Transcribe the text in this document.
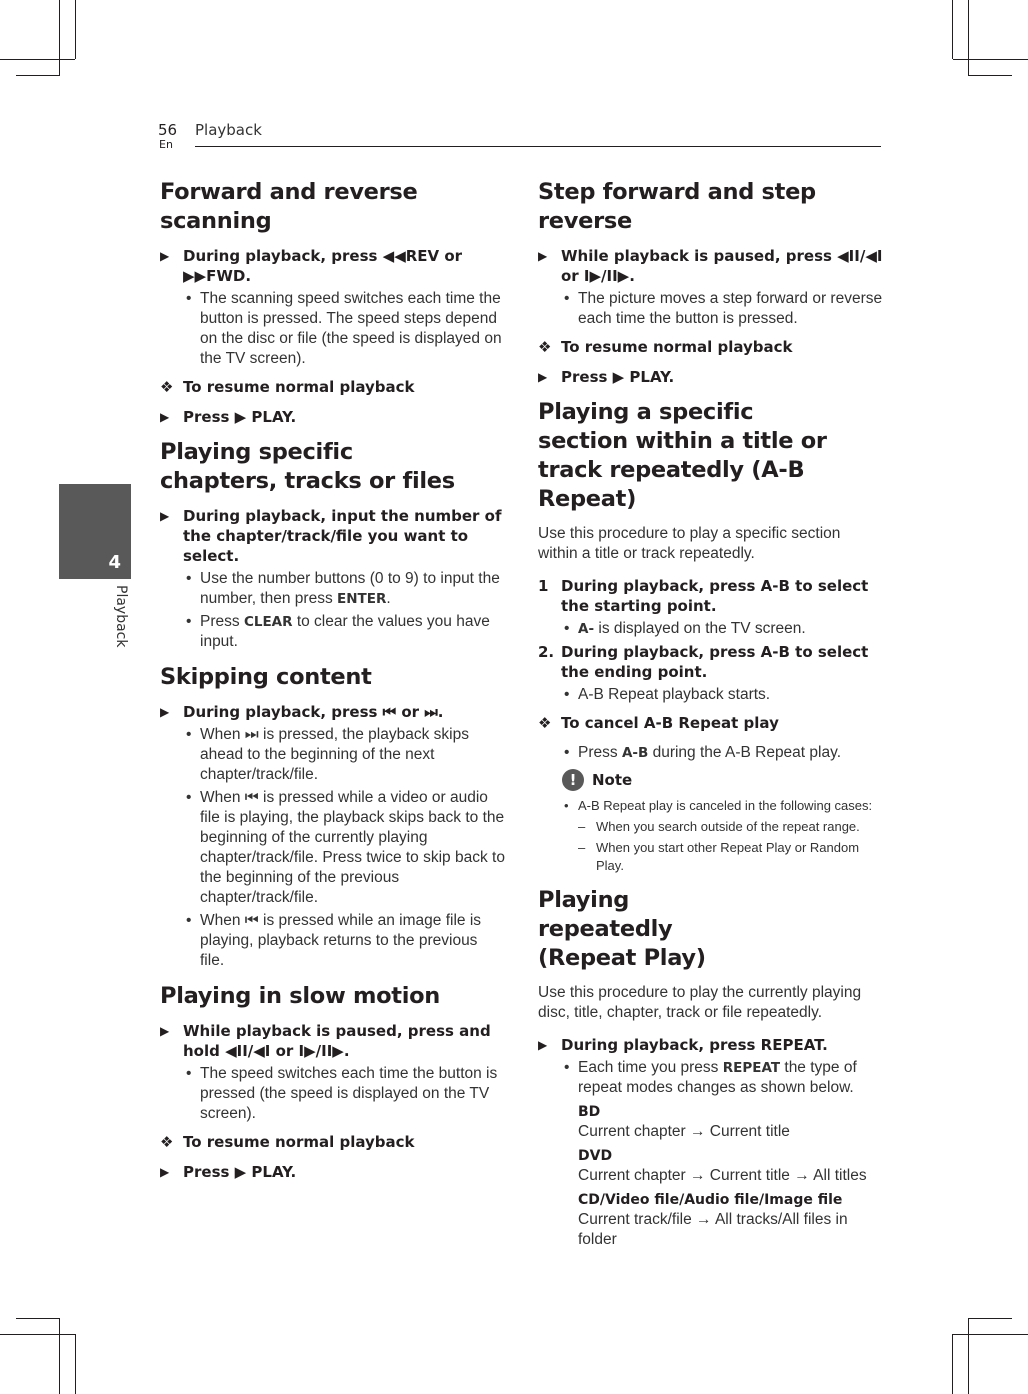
56
En
Playback
4
Playback
Forward and reverse scanning
▶ During playback, press ◀◀REV or ▶▶FWD.
• The scanning speed switches each time the button is pressed. The speed steps depend on the disc or file (the speed is displayed on the TV screen).
❖ To resume normal playback
▶ Press ▶ PLAY.
Playing specific chapters, tracks or files
▶ During playback, input the number of the chapter/track/file you want to select.
• Use the number buttons (0 to 9) to input the number, then press ENTER.
• Press CLEAR to clear the values you have input.
Skipping content
▶ During playback, press ⏮ or ⏭.
• When ⏭ is pressed, the playback skips ahead to the beginning of the next chapter/track/file.
• When ⏮ is pressed while a video or audio file is playing, the playback skips back to the beginning of the currently playing chapter/track/file. Press twice to skip back to the beginning of the previous chapter/track/file.
• When ⏮ is pressed while an image file is playing, playback returns to the previous file.
Playing in slow motion
▶ While playback is paused, press and hold ◀II/◀I or I▶/II▶.
• The speed switches each time the button is pressed (the speed is displayed on the TV screen).
❖ To resume normal playback
▶ Press ▶ PLAY.
Step forward and step reverse
▶ While playback is paused, press ◀II/◀I or I▶/II▶.
• The picture moves a step forward or reverse each time the button is pressed.
❖ To resume normal playback
▶ Press ▶ PLAY.
Playing a specific section within a title or track repeatedly (A-B Repeat)
Use this procedure to play a specific section within a title or track repeatedly.
1 During playback, press A-B to select the starting point.
• A- is displayed on the TV screen.
2. During playback, press A-B to select the ending point.
• A-B Repeat playback starts.
❖ To cancel A-B Repeat play
• Press A-B during the A-B Repeat play.
!	Note
• A-B Repeat play is canceled in the following cases:
– When you search outside of the repeat range.
– When you start other Repeat Play or Random Play.
Playing repeatedly (Repeat Play)
Use this procedure to play the currently playing disc, title, chapter, track or file repeatedly.
▶ During playback, press REPEAT.
• Each time you press REPEAT the type of repeat modes changes as shown below.
BD
Current chapter → Current title
DVD
Current chapter → Current title → All titles
CD/Video file/Audio file/Image file
Current track/file → All tracks/All files in folder
